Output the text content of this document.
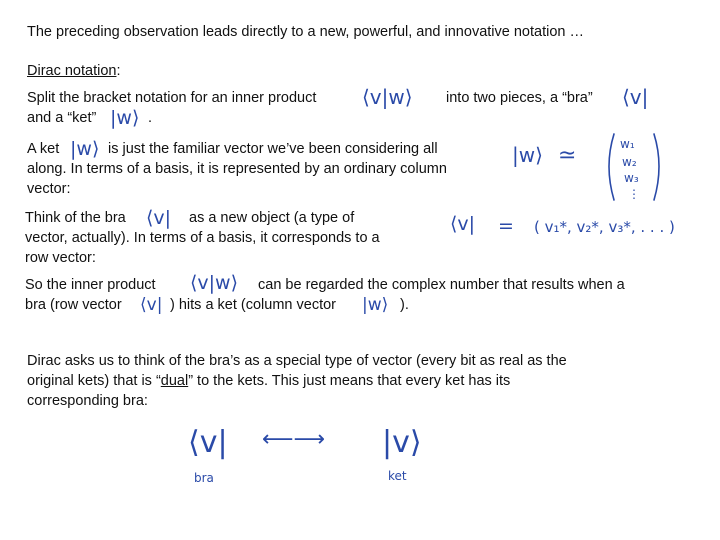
The preceding observation leads directly to a new, powerful, and innovative notation …
Dirac notation:
Split the bracket notation for an inner product ⟨v|w⟩ into two pieces, a “bra” ⟨v|
and a “ket” |w⟩ .
A ket |w⟩ is just the familiar vector we’ve been considering all
along. In terms of a basis, it is represented by an ordinary column
vector:
|w⟩ ≃	w₁
w₂
w₃
⋮
Think of the bra ⟨v| as a new object (a type of
vector, actually). In terms of a basis, it corresponds to a
row vector:
⟨v| = ( v₁*, v₂*, v₃*, . . . )
So the inner product ⟨v|w⟩ can be regarded the complex number that results when a
bra (row vector ⟨v| ) hits a ket (column vector |w⟩ ).
Dirac asks us to think of the bra’s as a special type of vector (every bit as real as the
original kets) that is “dual” to the kets. This just means that every ket has its
corresponding bra:
⟨v|
bra
⟵⟶ |v⟩
ket
